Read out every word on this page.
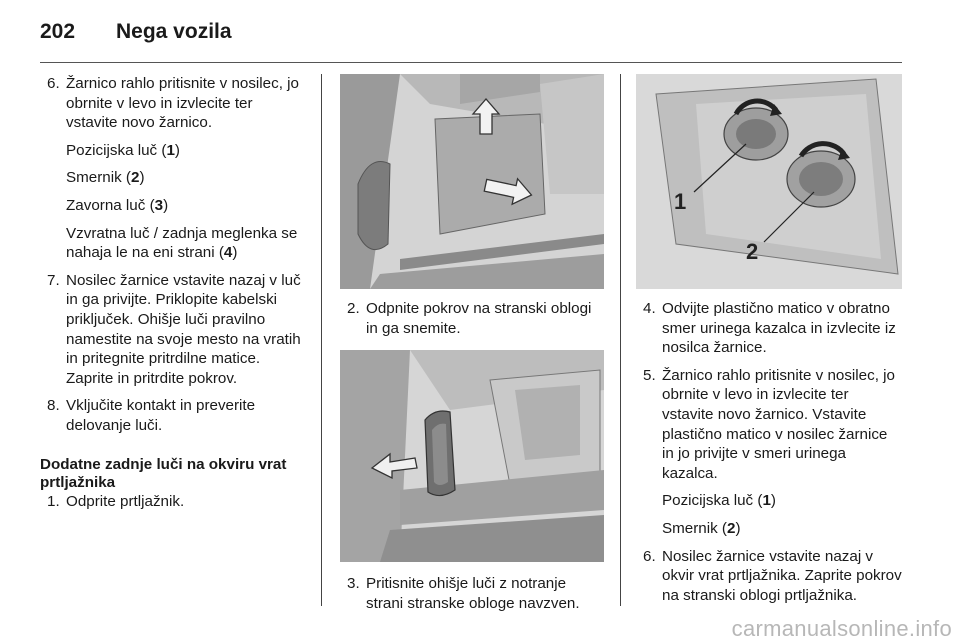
202 Nega vozila
6. Žarnico rahlo pritisnite v nosilec, jo obrnite v levo in izvlecite ter vstavite novo žarnico.
Pozicijska luč (1)
Smernik (2)
Zavorna luč (3)
Vzvratna luč / zadnja meglenka se nahaja le na eni strani (4)
7. Nosilec žarnice vstavite nazaj v luč in ga privijte. Priklopite kabelski priključek. Ohišje luči pravilno namestite na svoje mesto na vratih in pritegnite pritrdilne matice. Zaprite in pritrdite pokrov.
8. Vključite kontakt in preverite delovanje luči.
Dodatne zadnje luči na okviru vrat prtljažnika
1. Odprite prtljažnik.
2. Odpnite pokrov na stranski oblogi in ga snemite.
3. Pritisnite ohišje luči z notranje strani stranske obloge navzven.
1
2
4. Odvijte plastično matico v obratno smer urinega kazalca in izvlecite iz nosilca žarnice.
5. Žarnico rahlo pritisnite v nosilec, jo obrnite v levo in izvlecite ter vstavite novo žarnico. Vstavite plastično matico v nosilec žarnice in jo privijte v smeri urinega kazalca.
Pozicijska luč (1)
Smernik (2)
6. Nosilec žarnice vstavite nazaj v okvir vrat prtljažnika. Zaprite pokrov na stranski oblogi prtljažnika.
carmanualsonline.info
